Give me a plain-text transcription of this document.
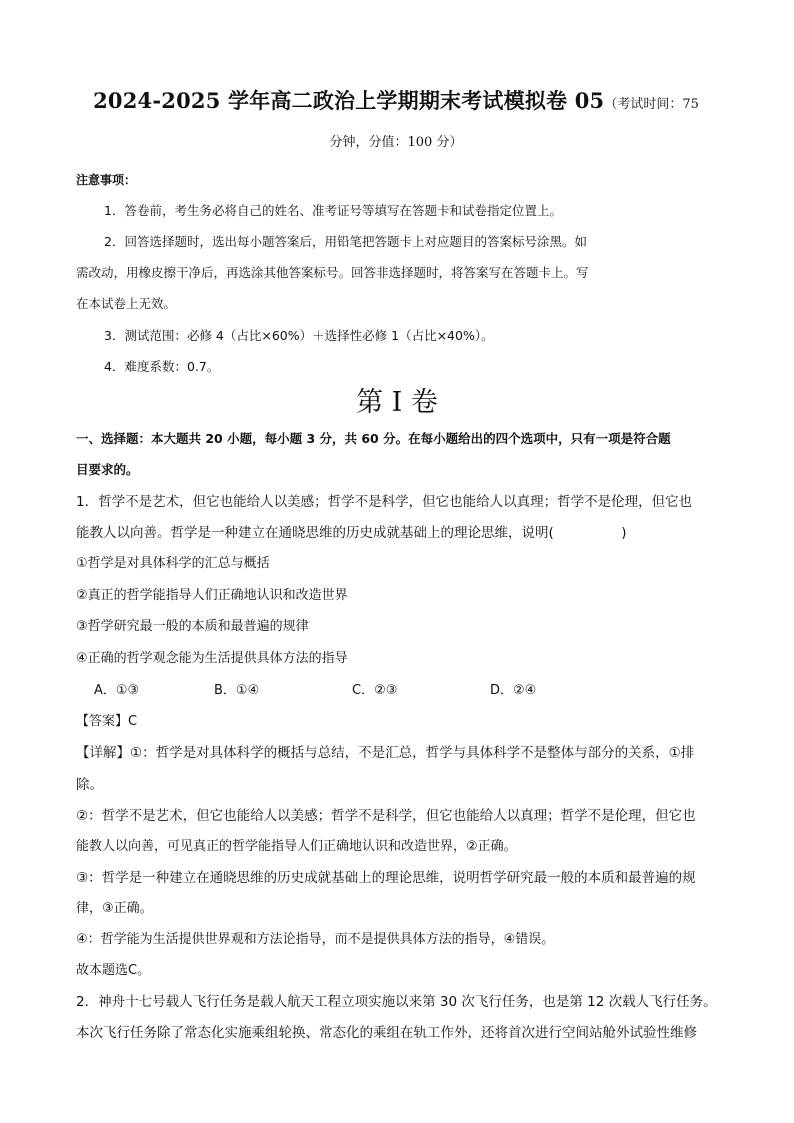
2024-2025 学年高二政治上学期期末考试模拟卷 05（考试时间：75
分钟，分值：100 分）
注意事项：
1．答卷前，考生务必将自己的姓名、准考证号等填写在答题卡和试卷指定位置上。
2．回答选择题时，选出每小题答案后，用铅笔把答题卡上对应题目的答案标号涂黑。如
需改动，用橡皮擦干净后，再选涂其他答案标号。回答非选择题时，将答案写在答题卡上。写
在本试卷上无效。
3．测试范围：必修 4（占比×60%）＋选择性必修 1（占比×40%）。
4．难度系数：0.7。
第 I 卷
一、选择题：本大题共 20 小题，每小题 3 分，共 60 分。在每小题给出的四个选项中，只有一项是符合题
目要求的。
1．哲学不是艺术，但它也能给人以美感；哲学不是科学，但它也能给人以真理；哲学不是伦理，但它也
能教人以向善。哲学是一种建立在通晓思维的历史成就基础上的理论思维，说明(　　　　　)
①哲学是对具体科学的汇总与概括
②真正的哲学能指导人们正确地认识和改造世界
③哲学研究最一般的本质和最普遍的规律
④正确的哲学观念能为生活提供具体方法的指导
A．①③	B．①④	C．②③	D．②④
【答案】C
【详解】①：哲学是对具体科学的概括与总结，不是汇总，哲学与具体科学不是整体与部分的关系，①排
除。
②：哲学不是艺术，但它也能给人以美感；哲学不是科学，但它也能给人以真理；哲学不是伦理，但它也
能教人以向善，可见真正的哲学能指导人们正确地认识和改造世界，②正确。
③：哲学是一种建立在通晓思维的历史成就基础上的理论思维，说明哲学研究最一般的本质和最普遍的规
律，③正确。
④：哲学能为生活提供世界观和方法论指导，而不是提供具体方法的指导，④错误。
故本题选C。
2．神舟十七号载人飞行任务是载人航天工程立项实施以来第 30 次飞行任务，也是第 12 次载人飞行任务。
本次飞行任务除了常态化实施乘组轮换、常态化的乘组在轨工作外，还将首次进行空间站舱外试验性维修
